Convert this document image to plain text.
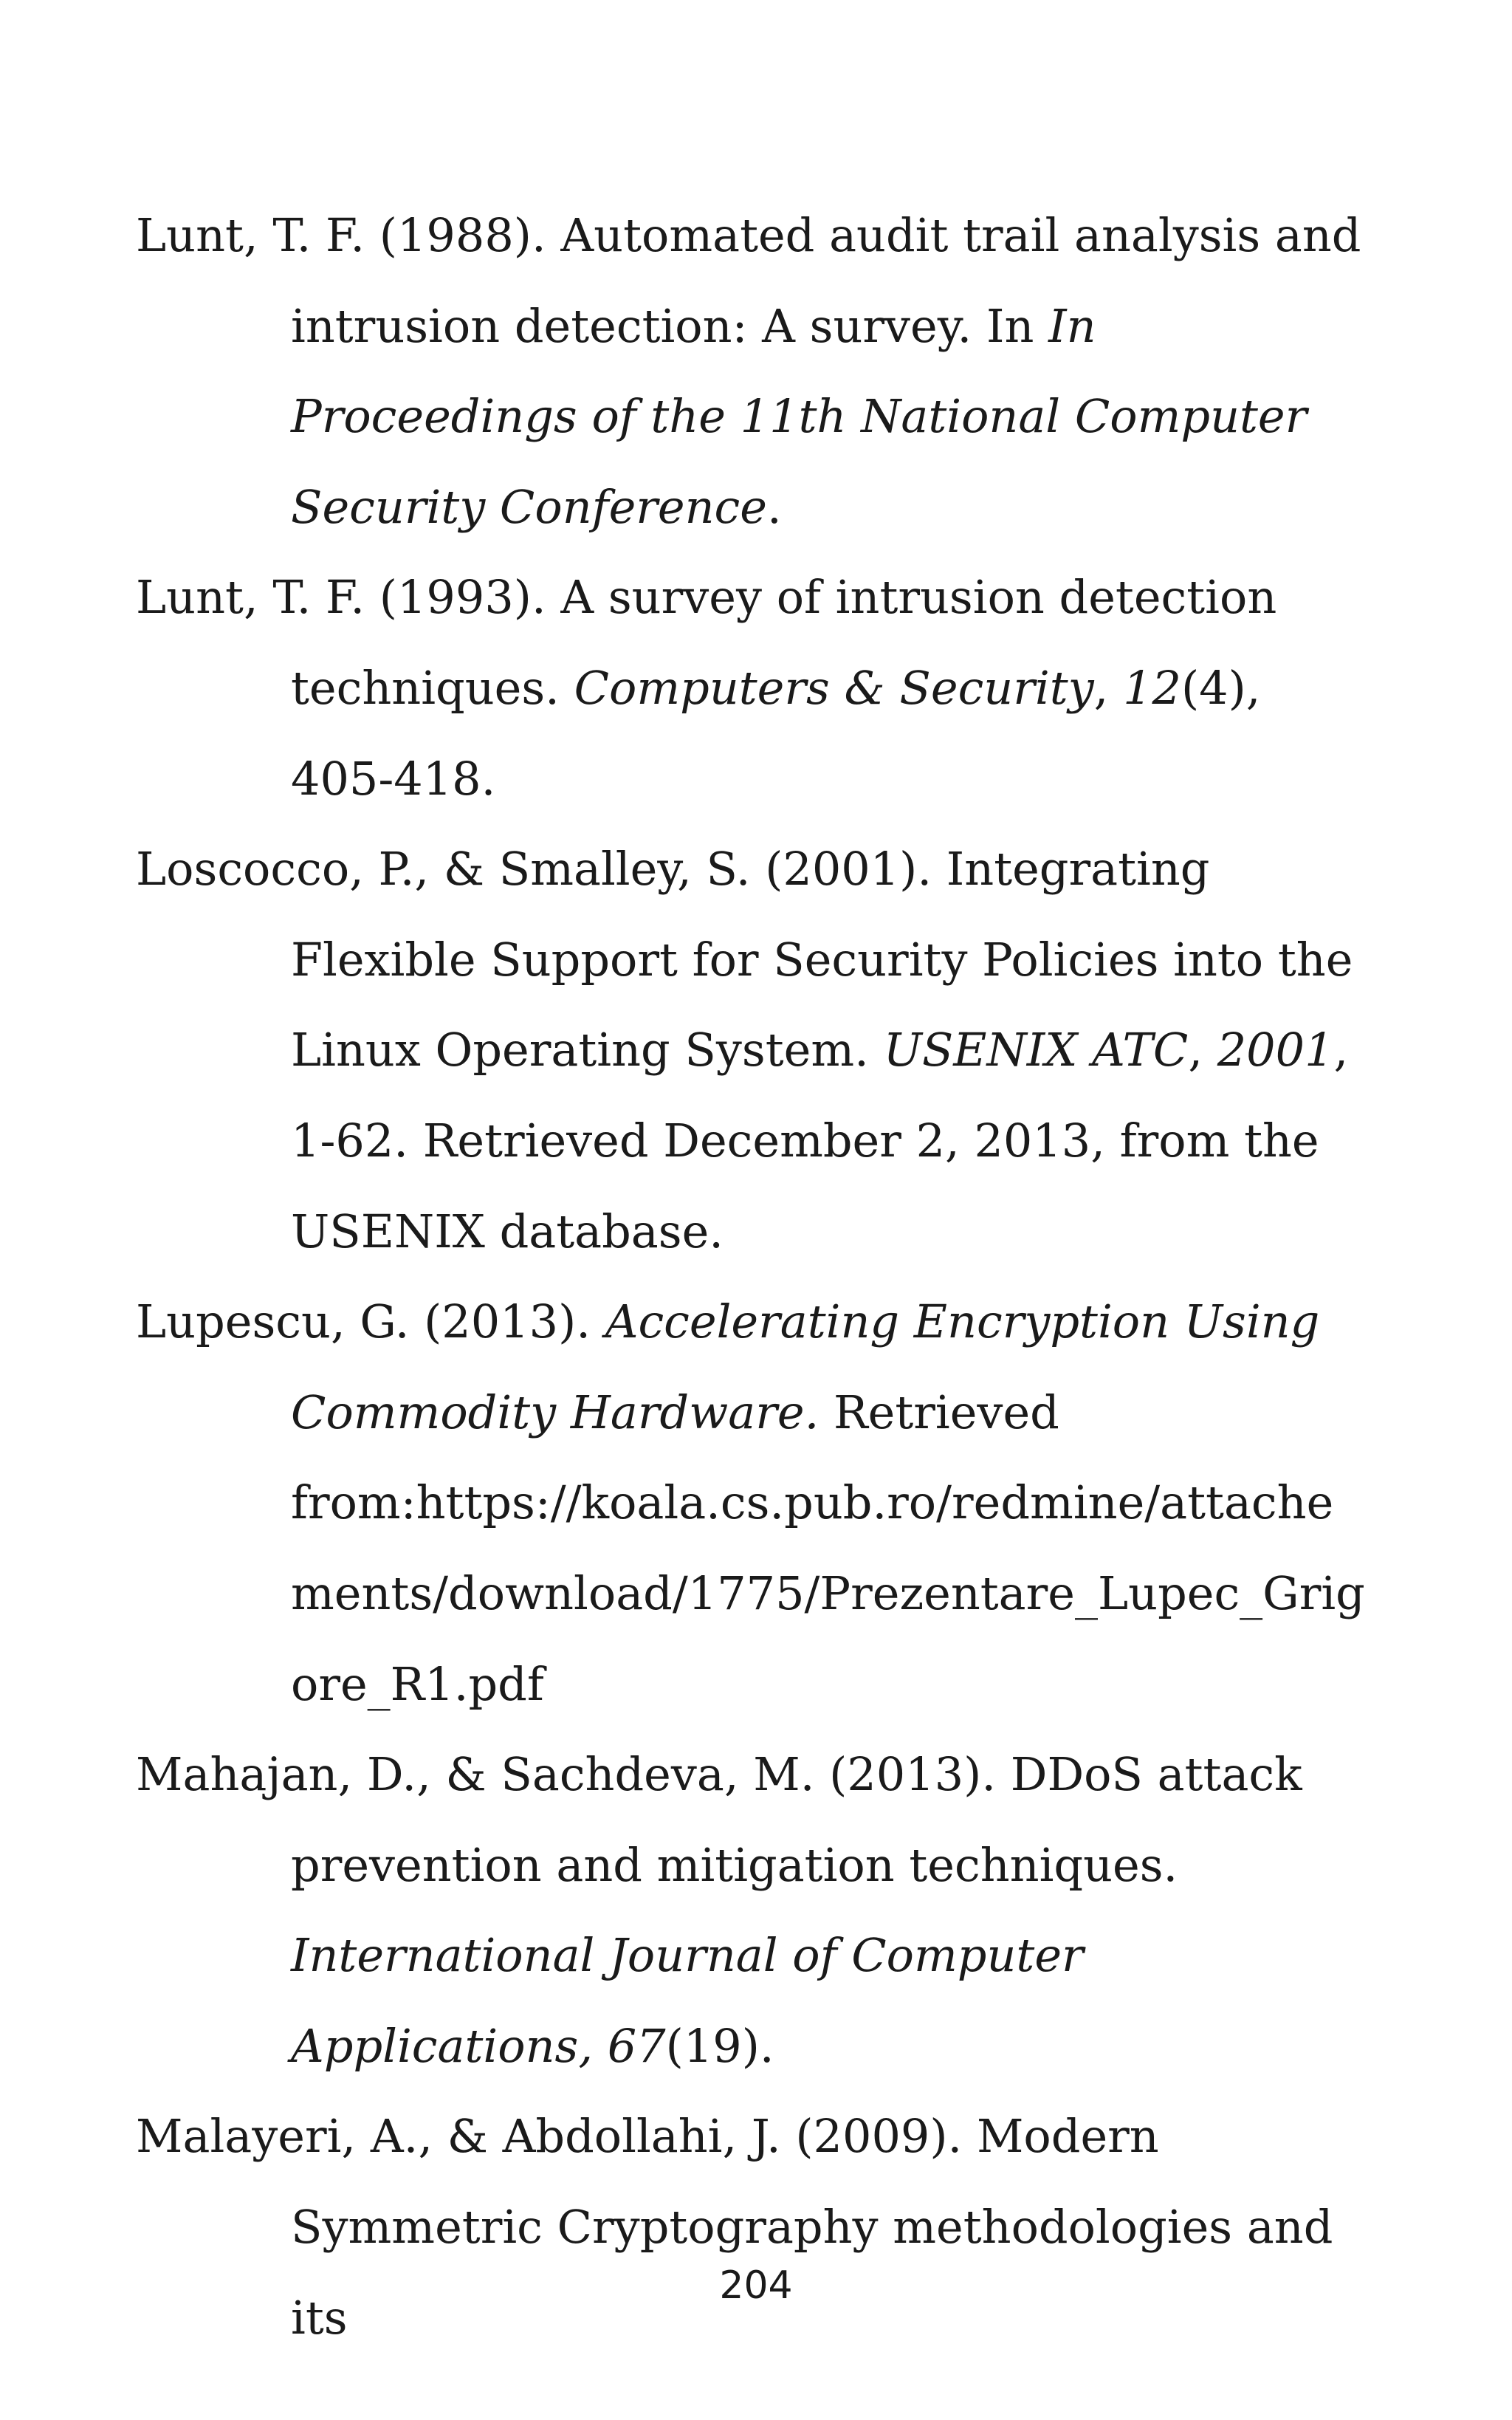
Lunt, T. F. (1988). Automated audit trail analysis and intrusion detection: A survey. In In Proceedings of the 11th National Computer Security Conference.

Lunt, T. F. (1993). A survey of intrusion detection techniques. Computers & Security, 12(4), 405-418.

Loscocco, P., & Smalley, S. (2001). Integrating Flexible Support for Security Policies into the Linux Operating System. USENIX ATC, 2001, 1-62. Retrieved December 2, 2013, from the USENIX database.

Lupescu, G. (2013). Accelerating Encryption Using Commodity Hardware. Retrieved from:https://koala.cs.pub.ro/redmine/attachements/download/1775/Prezentare_Lupec_Grigore_R1.pdf

Mahajan, D., & Sachdeva, M. (2013). DDoS attack prevention and mitigation techniques. International Journal of Computer Applications, 67(19).

Malayeri, A., & Abdollahi, J. (2009). Modern Symmetric Cryptography methodologies and its

204
